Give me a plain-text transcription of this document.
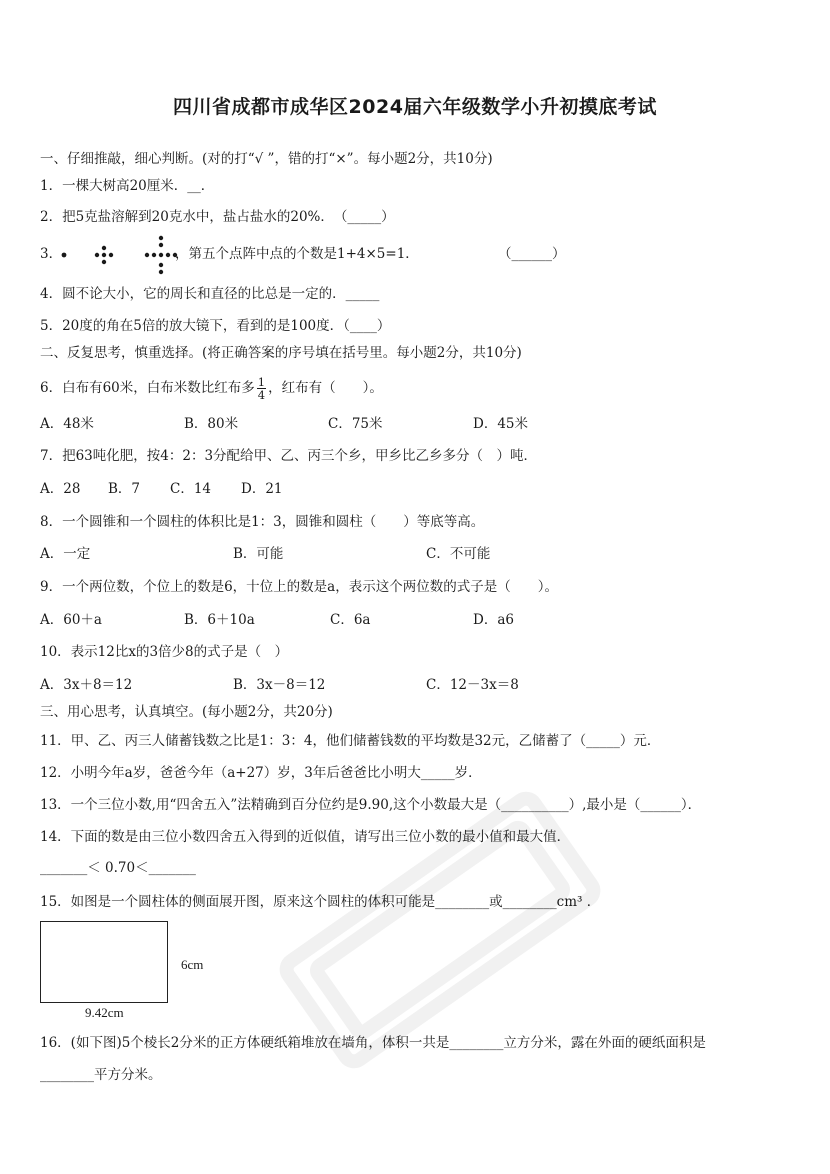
四川省成都市成华区2024届六年级数学小升初摸底考试
一、仔细推敲，细心判断。(对的打“√ ”，错的打“×”。每小题2分，共10分)
1．一棵大树高20厘米．__．
2．把5克盐溶解到20克水中，盐占盐水的20%．　（_____）
3．	，第五个点阵中点的个数是1+4×5=1．	（______）
4．圆不论大小，它的周长和直径的比总是一定的．_____
5．20度的角在5倍的放大镜下，看到的是100度．（____）
二、反复思考，慎重选择。(将正确答案的序号填在括号里。每小题2分，共10分)
6．白布有60米，白布米数比红布多 $\frac{1}{4}$ ，红布有（　　）。
A．48米	B．80米	C．75米	D．45米
7．把63吨化肥，按4：2：3分配给甲、乙、丙三个乡，甲乡比乙乡多分（　）吨．
A．28 B．7 C．14 D．21
8．一个圆锥和一个圆柱的体积比是1：3，圆锥和圆柱（　　）等底等高。
A．一定	B．可能	C．不可能
9．一个两位数，个位上的数是6，十位上的数是a，表示这个两位数的式子是（　　）。
A．60＋a	B．6＋10a	C．6a	D．a6
10．表示12比x的3倍少8的式子是（　）
A．3x＋8＝12	B．3x－8＝12	C．12－3x＝8
三、用心思考，认真填空。(每小题2分，共20分)
11．甲、乙、丙三人储蓄钱数之比是1：3：4，他们储蓄钱数的平均数是32元，乙储蓄了（_____）元．
12．小明今年a岁，爸爸今年（a+27）岁，3年后爸爸比小明大_____岁．
13．一个三位小数,用“四舍五入”法精确到百分位约是9.90,这个小数最大是（__________）,最小是（______）．
14．下面的数是由三位小数四舍五入得到的近似值，请写出三位小数的最小值和最大值．
_______＜ 0.70＜_______
15．如图是一个圆柱体的侧面展开图，原来这个圆柱的体积可能是________或________cm³ ．
6cm
9.42cm
16．(如下图)5个棱长2分米的正方体硬纸箱堆放在墙角，体积一共是________立方分米，露在外面的硬纸面积是
________平方分米。
